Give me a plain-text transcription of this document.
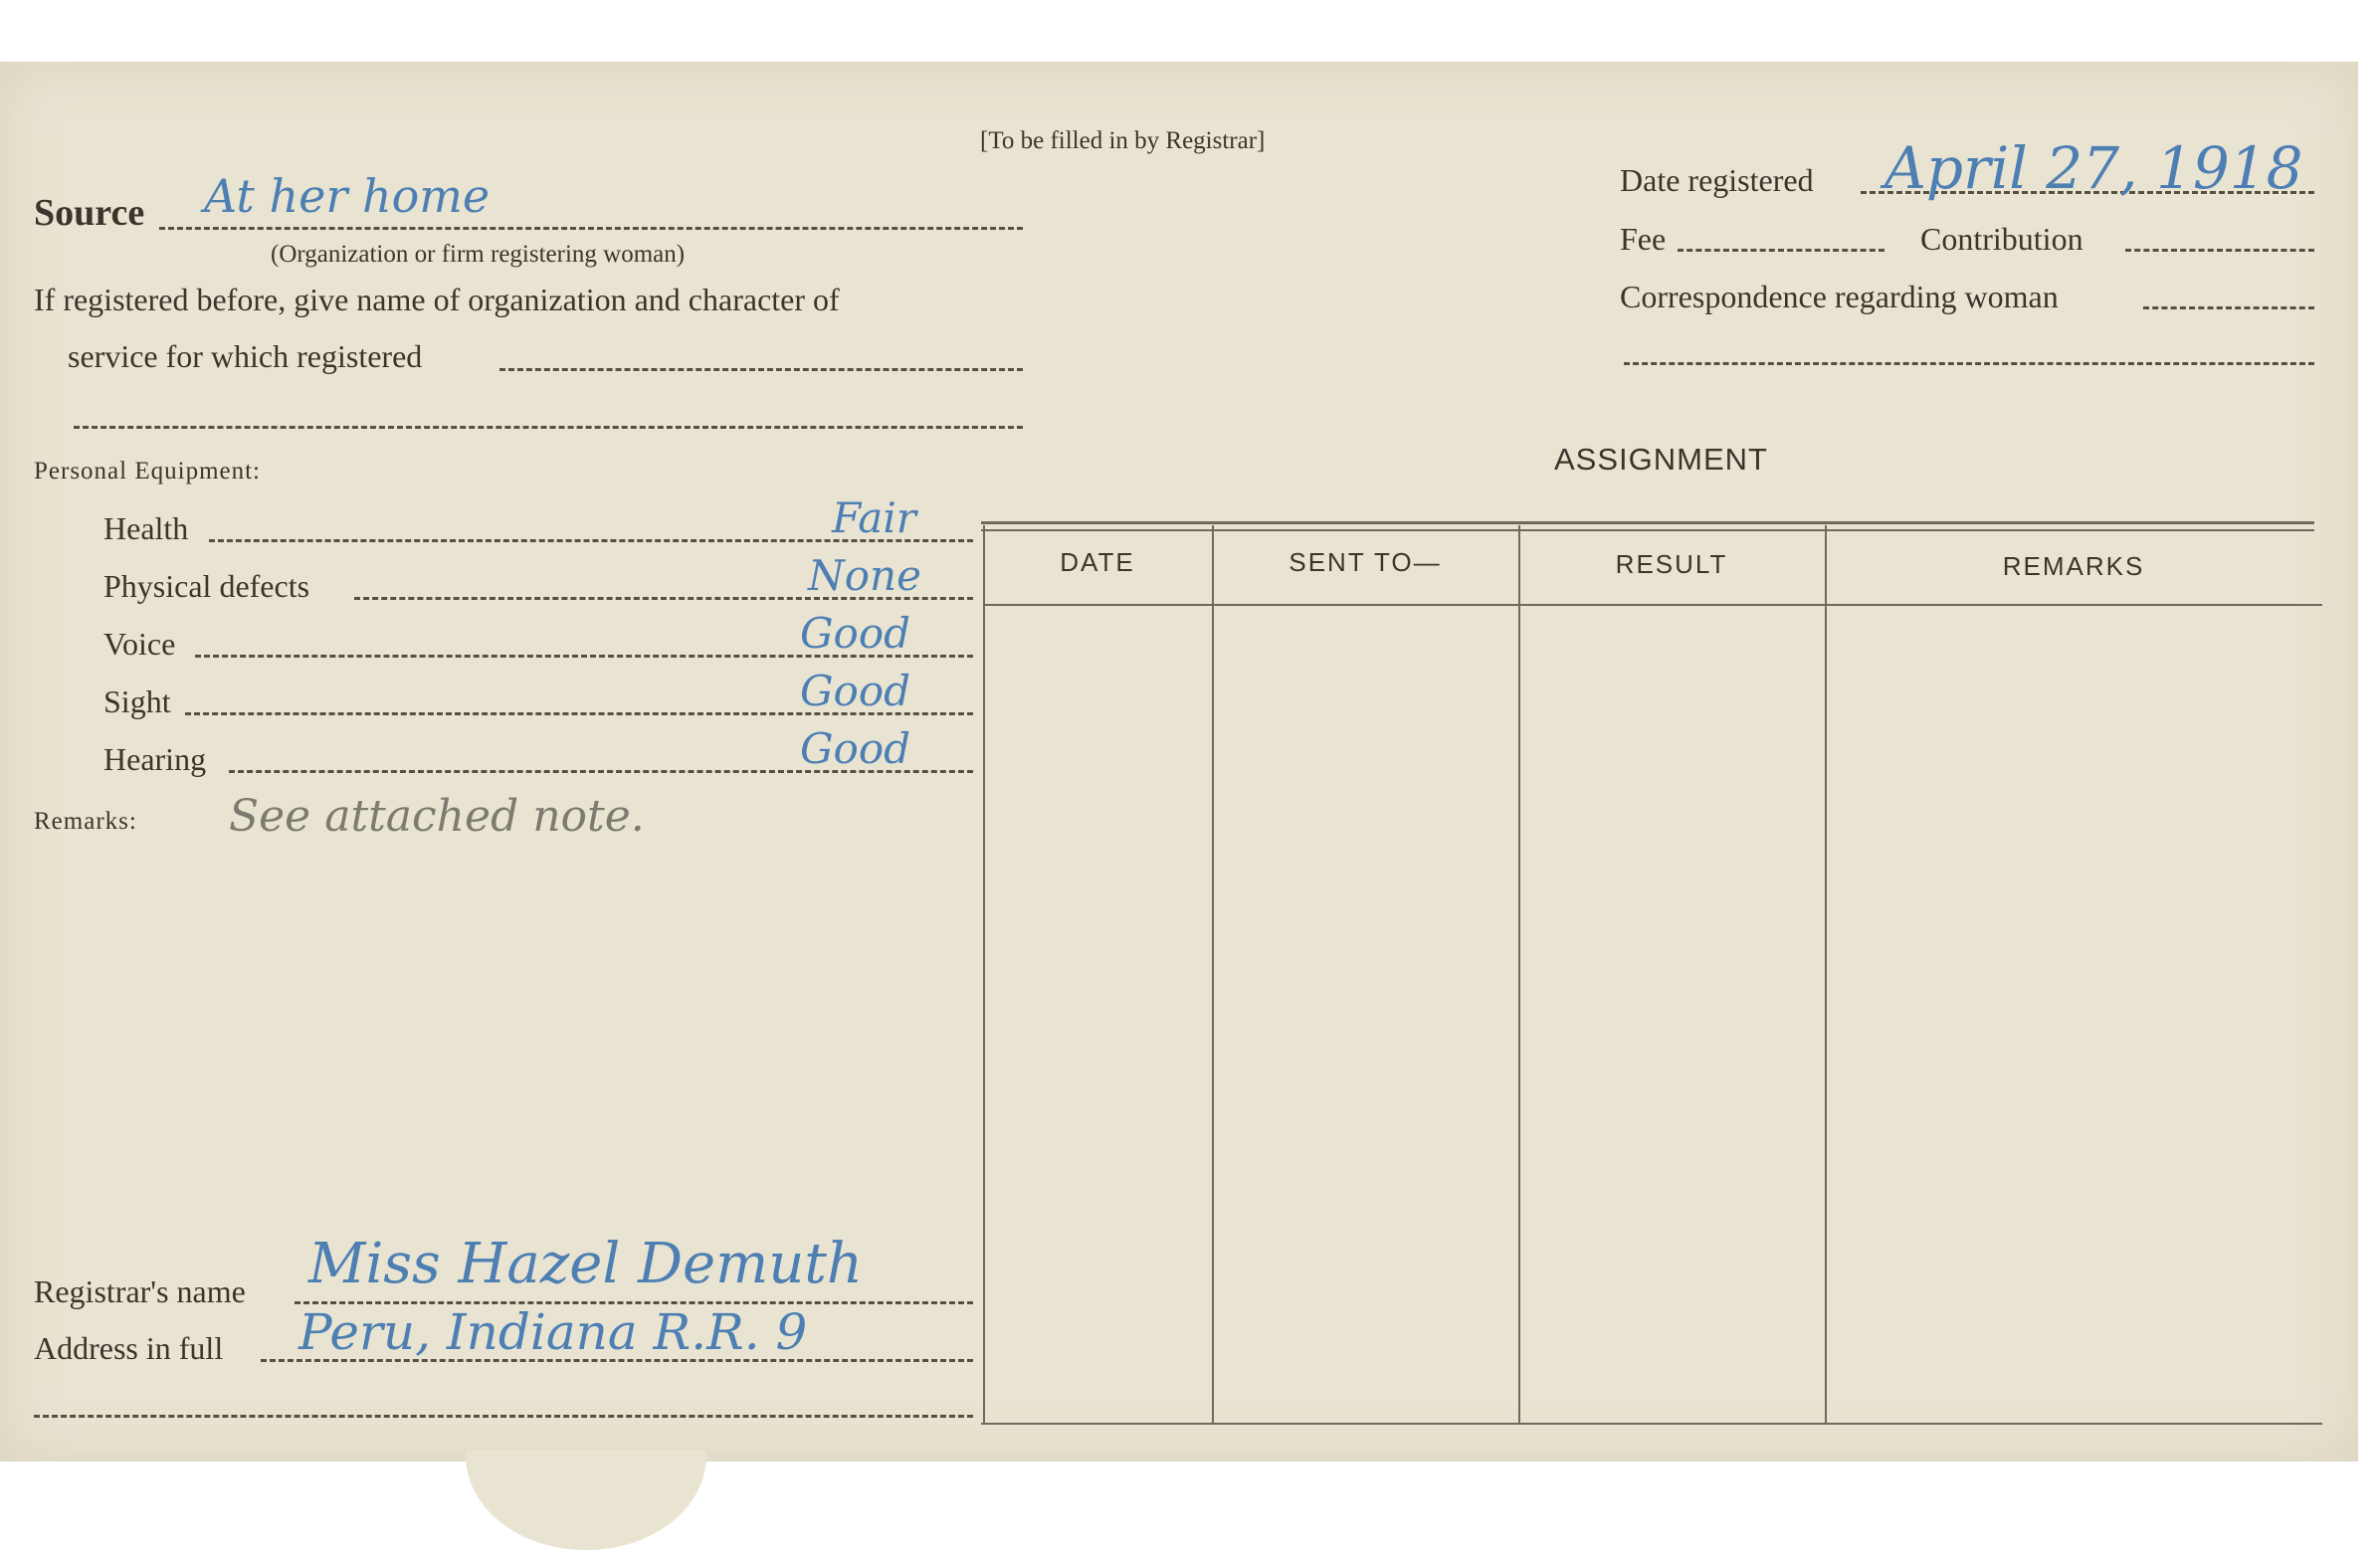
[To be filled in by Registrar]
Source At her home
(Organization or firm registering woman)
If registered before, give name of organization and character of
service for which registered
Personal Equipment:
Health	Fair
Physical defects	None
Voice	Good
Sight	Good
Hearing	Good
Remarks: See attached note.
Registrar's name Miss Hazel Demuth
Address in full Peru, Indiana R.R. 9
Date registered April 27, 1918
Fee	Contribution
Correspondence regarding woman
ASSIGNMENT
DATE	SENT TO—	RESULT	REMARKS
